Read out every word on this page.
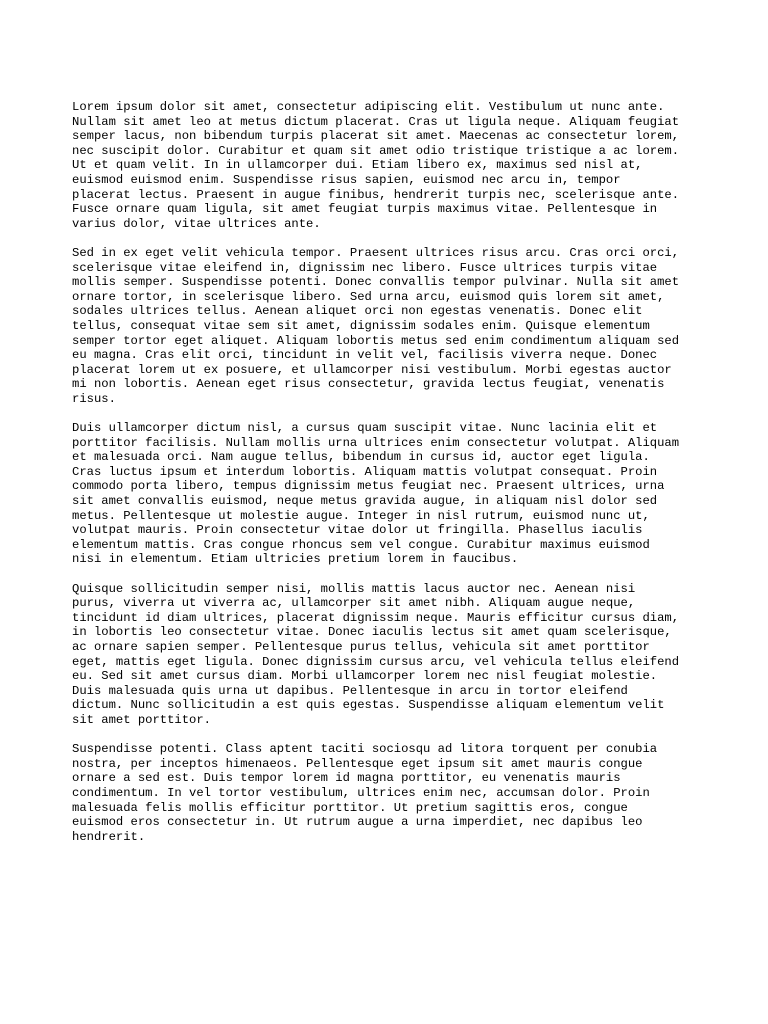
Lorem ipsum dolor sit amet, consectetur adipiscing elit. Vestibulum ut nunc ante.
Nullam sit amet leo at metus dictum placerat. Cras ut ligula neque. Aliquam feugiat
semper lacus, non bibendum turpis placerat sit amet. Maecenas ac consectetur lorem,
nec suscipit dolor. Curabitur et quam sit amet odio tristique tristique a ac lorem.
Ut et quam velit. In in ullamcorper dui. Etiam libero ex, maximus sed nisl at,
euismod euismod enim. Suspendisse risus sapien, euismod nec arcu in, tempor
placerat lectus. Praesent in augue finibus, hendrerit turpis nec, scelerisque ante.
Fusce ornare quam ligula, sit amet feugiat turpis maximus vitae. Pellentesque in
varius dolor, vitae ultrices ante.

Sed in ex eget velit vehicula tempor. Praesent ultrices risus arcu. Cras orci orci,
scelerisque vitae eleifend in, dignissim nec libero. Fusce ultrices turpis vitae
mollis semper. Suspendisse potenti. Donec convallis tempor pulvinar. Nulla sit amet
ornare tortor, in scelerisque libero. Sed urna arcu, euismod quis lorem sit amet,
sodales ultrices tellus. Aenean aliquet orci non egestas venenatis. Donec elit
tellus, consequat vitae sem sit amet, dignissim sodales enim. Quisque elementum
semper tortor eget aliquet. Aliquam lobortis metus sed enim condimentum aliquam sed
eu magna. Cras elit orci, tincidunt in velit vel, facilisis viverra neque. Donec
placerat lorem ut ex posuere, et ullamcorper nisi vestibulum. Morbi egestas auctor
mi non lobortis. Aenean eget risus consectetur, gravida lectus feugiat, venenatis
risus.

Duis ullamcorper dictum nisl, a cursus quam suscipit vitae. Nunc lacinia elit et
porttitor facilisis. Nullam mollis urna ultrices enim consectetur volutpat. Aliquam
et malesuada orci. Nam augue tellus, bibendum in cursus id, auctor eget ligula.
Cras luctus ipsum et interdum lobortis. Aliquam mattis volutpat consequat. Proin
commodo porta libero, tempus dignissim metus feugiat nec. Praesent ultrices, urna
sit amet convallis euismod, neque metus gravida augue, in aliquam nisl dolor sed
metus. Pellentesque ut molestie augue. Integer in nisl rutrum, euismod nunc ut,
volutpat mauris. Proin consectetur vitae dolor ut fringilla. Phasellus iaculis
elementum mattis. Cras congue rhoncus sem vel congue. Curabitur maximus euismod
nisi in elementum. Etiam ultricies pretium lorem in faucibus.

Quisque sollicitudin semper nisi, mollis mattis lacus auctor nec. Aenean nisi
purus, viverra ut viverra ac, ullamcorper sit amet nibh. Aliquam augue neque,
tincidunt id diam ultrices, placerat dignissim neque. Mauris efficitur cursus diam,
in lobortis leo consectetur vitae. Donec iaculis lectus sit amet quam scelerisque,
ac ornare sapien semper. Pellentesque purus tellus, vehicula sit amet porttitor
eget, mattis eget ligula. Donec dignissim cursus arcu, vel vehicula tellus eleifend
eu. Sed sit amet cursus diam. Morbi ullamcorper lorem nec nisl feugiat molestie.
Duis malesuada quis urna ut dapibus. Pellentesque in arcu in tortor eleifend
dictum. Nunc sollicitudin a est quis egestas. Suspendisse aliquam elementum velit
sit amet porttitor.

Suspendisse potenti. Class aptent taciti sociosqu ad litora torquent per conubia
nostra, per inceptos himenaeos. Pellentesque eget ipsum sit amet mauris congue
ornare a sed est. Duis tempor lorem id magna porttitor, eu venenatis mauris
condimentum. In vel tortor vestibulum, ultrices enim nec, accumsan dolor. Proin
malesuada felis mollis efficitur porttitor. Ut pretium sagittis eros, congue
euismod eros consectetur in. Ut rutrum augue a urna imperdiet, nec dapibus leo
hendrerit.
